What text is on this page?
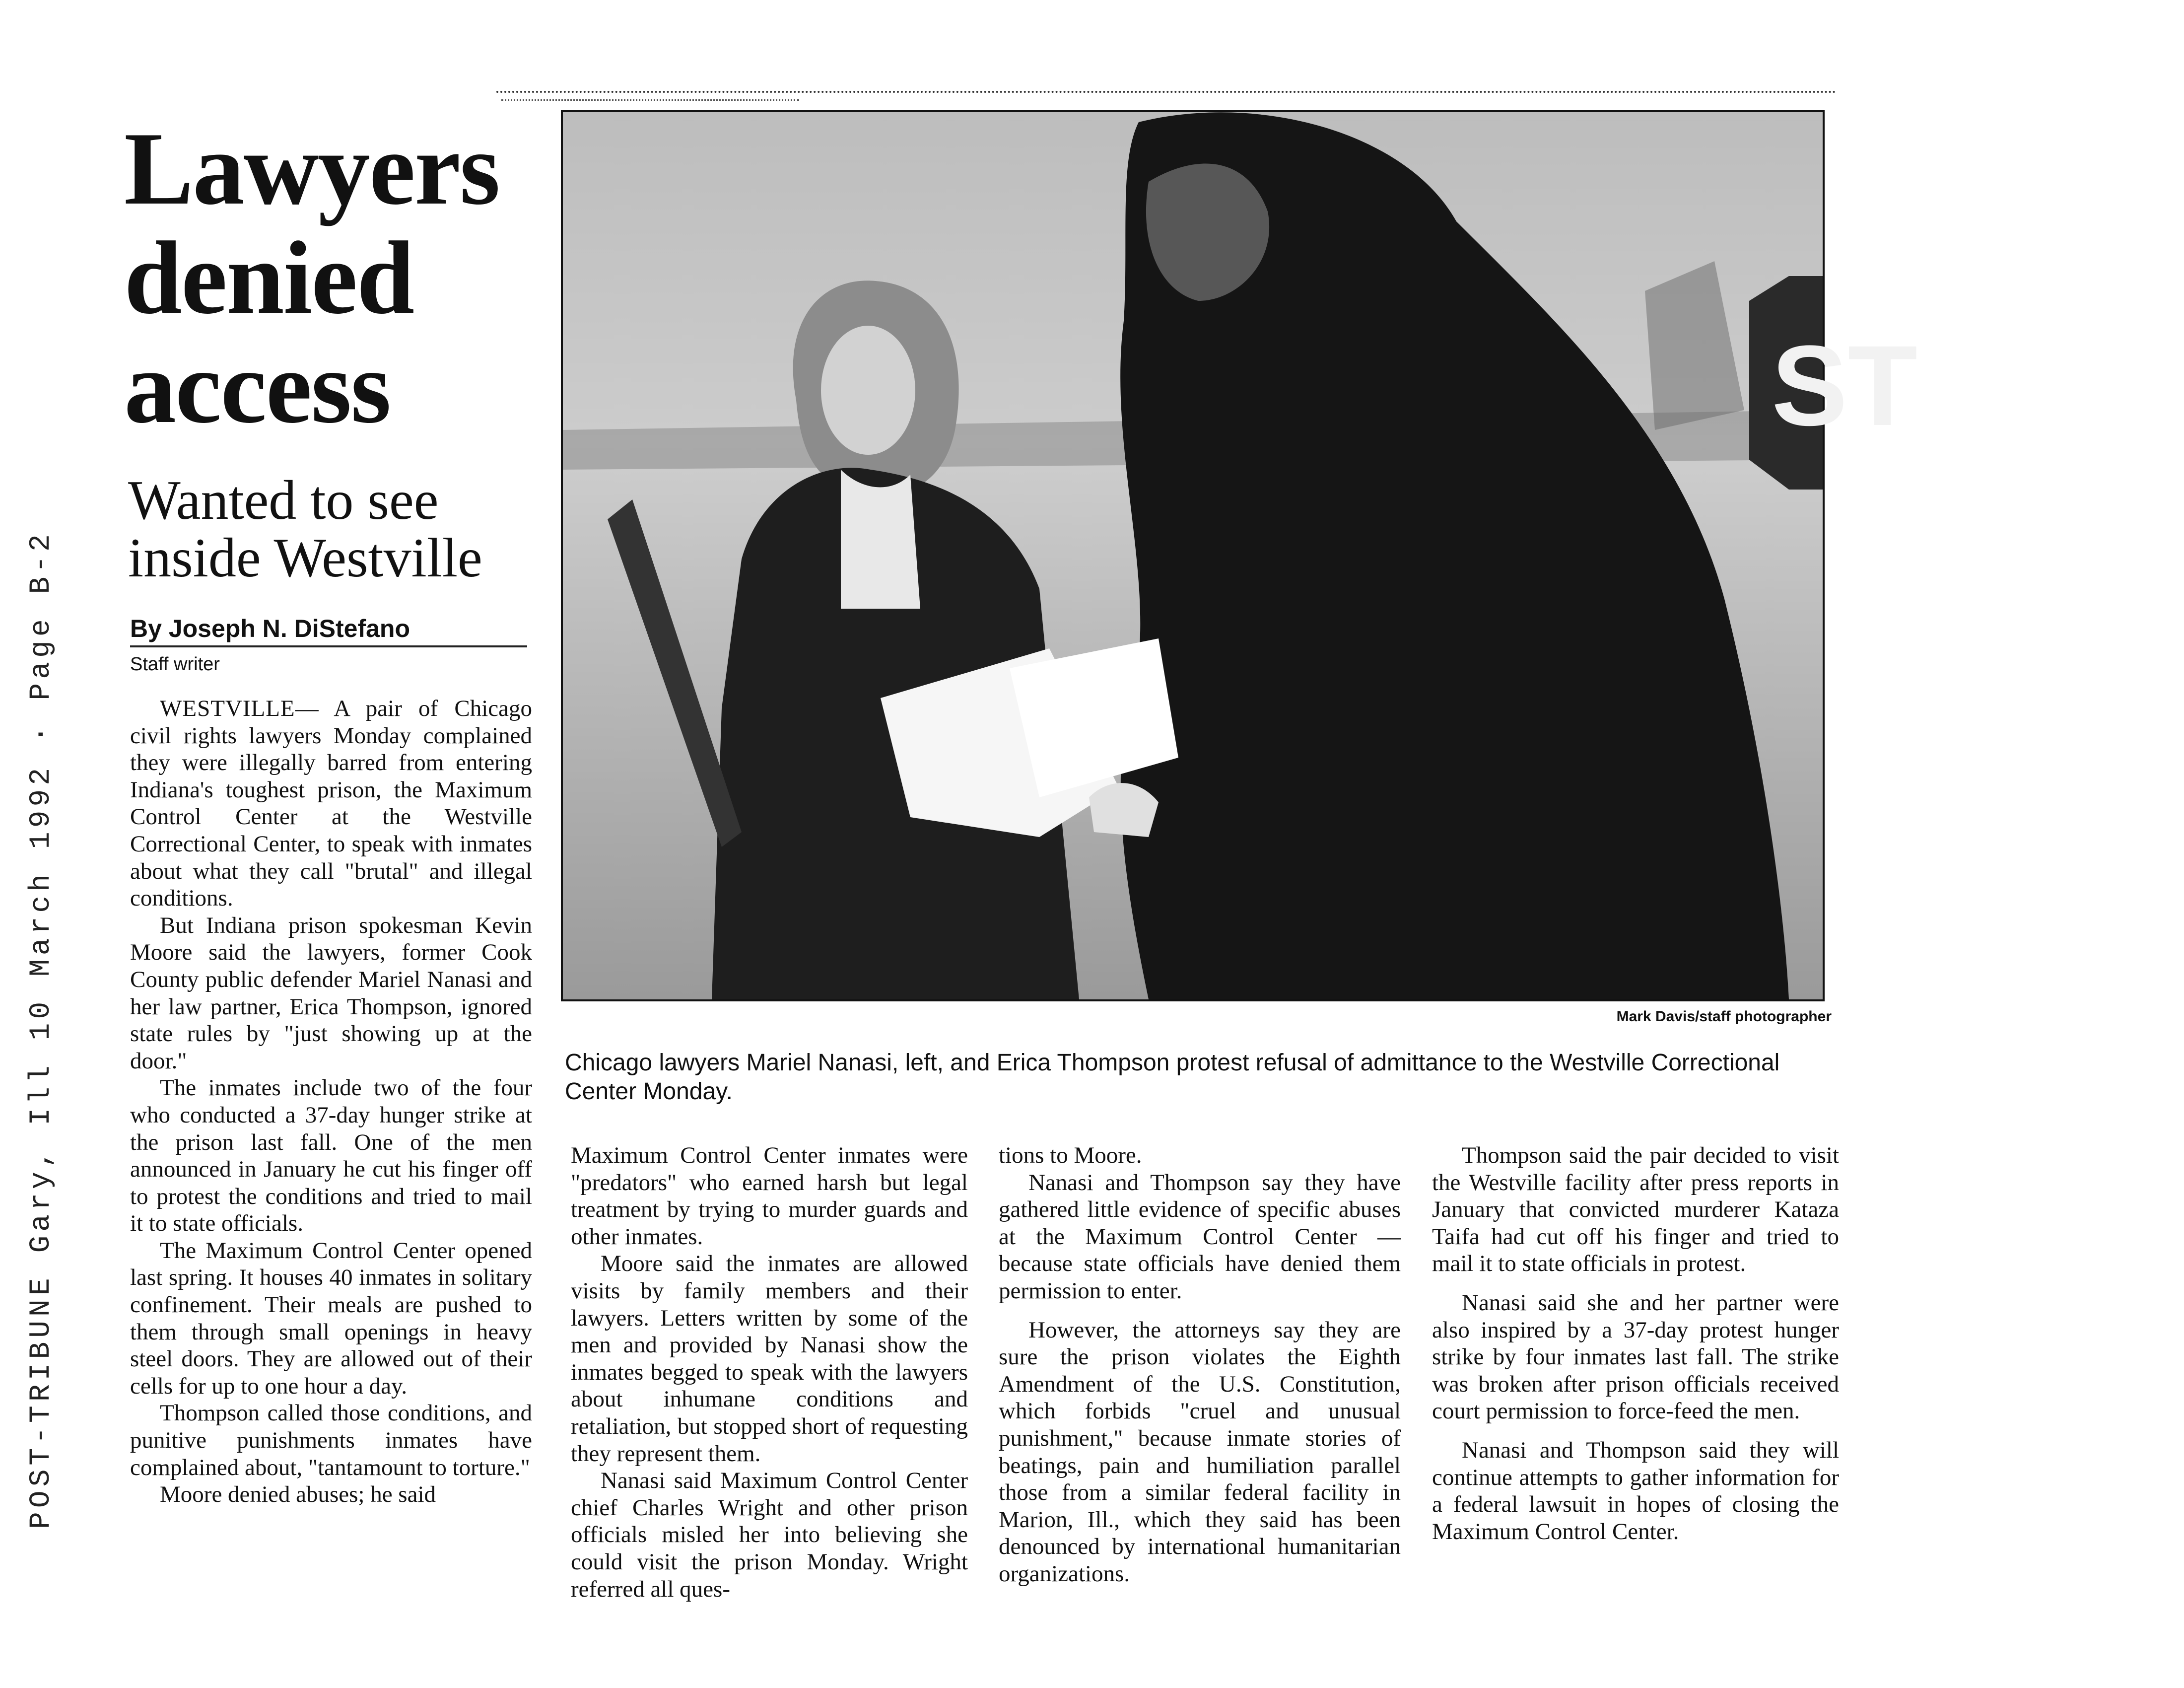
Lawyers
denied
access
Wanted to see
inside Westville
By Joseph N. DiStefano
Staff writer
POST-TRIBUNE Gary, Ill 10 March 1992 · Page B-2	WESTVILLE— A pair of Chicago civil rights lawyers Monday complained they were illegally barred from entering Indiana's toughest prison, the Maximum Control Center at the Westville Correctional Center, to speak with inmates about what they call "brutal" and illegal conditions.

But Indiana prison spokesman Kevin Moore said the lawyers, former Cook County public defender Mariel Nanasi and her law partner, Erica Thompson, ignored state rules by "just showing up at the door."

The inmates include two of the four who conducted a 37-day hunger strike at the prison last fall. One of the men announced in January he cut his finger off to protest the conditions and tried to mail it to state officials.

The Maximum Control Center opened last spring. It houses 40 inmates in solitary confinement. Their meals are pushed to them through small openings in heavy steel doors. They are allowed out of their cells for up to one hour a day.

Thompson called those conditions, and punitive punishments inmates have complained about, "tantamount to torture."

Moore denied abuses; he said

Maximum Control Center inmates were "predators" who earned harsh but legal treatment by trying to murder guards and other inmates.

Moore said the inmates are allowed visits by family members and their lawyers. Letters written by some of the men and provided by Nanasi show the inmates begged to speak with the lawyers about inhumane conditions and retaliation, but stopped short of requesting they represent them.

Nanasi said Maximum Control Center chief Charles Wright and other prison officials misled her into believing she could visit the prison Monday. Wright referred all ques-

tions to Moore.

Nanasi and Thompson say they have gathered little evidence of specific abuses at the Maximum Control Center — because state officials have denied them permission to enter.

However, the attorneys say they are sure the prison violates the Eighth Amendment of the U.S. Constitution, which forbids "cruel and unusual punishment," because inmate stories of beatings, pain and humiliation parallel those from a similar federal facility in Marion, Ill., which they said has been denounced by international humanitarian organizations.

Thompson said the pair decided to visit the Westville facility after press reports in January that convicted murderer Kataza Taifa had cut off his finger and tried to mail it to state officials in protest.

Nanasi said she and her partner were also inspired by a 37-day protest hunger strike by four inmates last fall. The strike was broken after prison officials received court permission to force-feed the men.

Nanasi and Thompson said they will continue attempts to gather information for a federal lawsuit in hopes of closing the Maximum Control Center.

ST
Mark Davis/staff photographer
Chicago lawyers Mariel Nanasi, left, and Erica Thompson protest refusal of admittance to the Westville Correctional Center Monday.
